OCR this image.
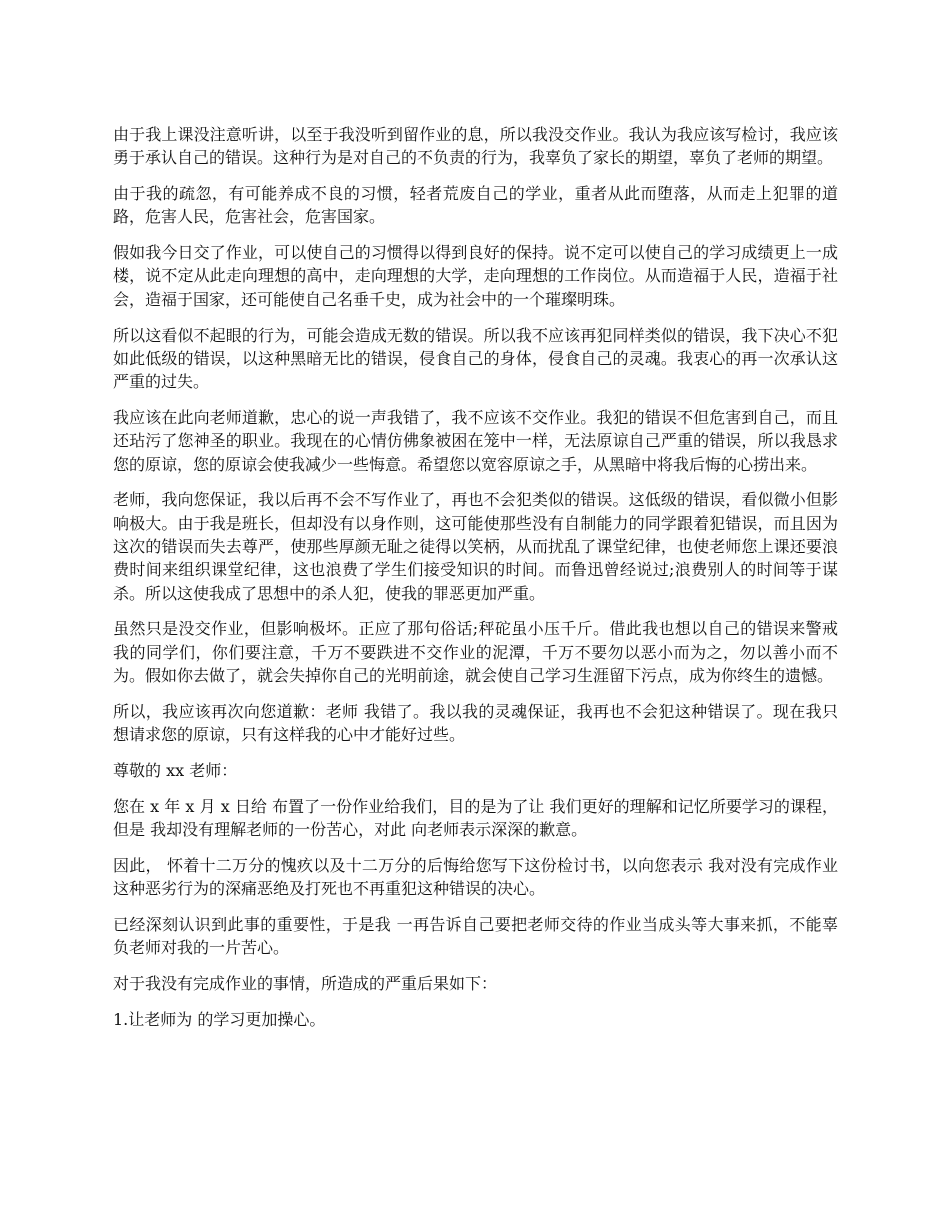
由于我上课没注意听讲，以至于我没听到留作业的息，所以我没交作业。我认为我应该写检讨，我应该勇于承认自己的错误。这种行为是对自己的不负责的行为，我辜负了家长的期望，辜负了老师的期望。

由于我的疏忽，有可能养成不良的习惯，轻者荒废自己的学业，重者从此而堕落，从而走上犯罪的道路，危害人民，危害社会，危害国家。

假如我今日交了作业，可以使自己的习惯得以得到良好的保持。说不定可以使自己的学习成绩更上一成楼，说不定从此走向理想的高中，走向理想的大学，走向理想的工作岗位。从而造福于人民，造福于社会，造福于国家，还可能使自己名垂千史，成为社会中的一个璀璨明珠。

所以这看似不起眼的行为，可能会造成无数的错误。所以我不应该再犯同样类似的错误，我下决心不犯如此低级的错误，以这种黑暗无比的错误，侵食自己的身体，侵食自己的灵魂。我衷心的再一次承认这严重的过失。

我应该在此向老师道歉，忠心的说一声我错了，我不应该不交作业。我犯的错误不但危害到自己，而且还玷污了您神圣的职业。我现在的心情仿佛象被困在笼中一样，无法原谅自己严重的错误，所以我恳求您的原谅，您的原谅会使我减少一些悔意。希望您以宽容原谅之手，从黑暗中将我后悔的心捞出来。

老师，我向您保证，我以后再不会不写作业了，再也不会犯类似的错误。这低级的错误，看似微小但影响极大。由于我是班长，但却没有以身作则，这可能使那些没有自制能力的同学跟着犯错误，而且因为这次的错误而失去尊严，使那些厚颜无耻之徒得以笑柄，从而扰乱了课堂纪律，也使老师您上课还要浪费时间来组织课堂纪律，这也浪费了学生们接受知识的时间。而鲁迅曾经说过;浪费别人的时间等于谋杀。所以这使我成了思想中的杀人犯，使我的罪恶更加严重。

虽然只是没交作业，但影响极坏。正应了那句俗话;秤砣虽小压千斤。借此我也想以自己的错误来警戒我的同学们，你们要注意，千万不要跌进不交作业的泥潭，千万不要勿以恶小而为之，勿以善小而不为。假如你去做了，就会失掉你自己的光明前途，就会使自己学习生涯留下污点，成为你终生的遗憾。

所以，我应该再次向您道歉：老师 我错了。我以我的灵魂保证，我再也不会犯这种错误了。现在我只想请求您的原谅，只有这样我的心中才能好过些。

尊敬的 xx 老师：

您在 x 年 x 月 x 日给 布置了一份作业给我们，目的是为了让 我们更好的理解和记忆所要学习的课程，但是 我却没有理解老师的一份苦心，对此 向老师表示深深的歉意。

因此， 怀着十二万分的愧疚以及十二万分的后悔给您写下这份检讨书，以向您表示 我对没有完成作业这种恶劣行为的深痛恶绝及打死也不再重犯这种错误的决心。

已经深刻认识到此事的重要性，于是我 一再告诉自己要把老师交待的作业当成头等大事来抓，不能辜负老师对我的一片苦心。

对于我没有完成作业的事情，所造成的严重后果如下：

1.让老师为 的学习更加操心。
